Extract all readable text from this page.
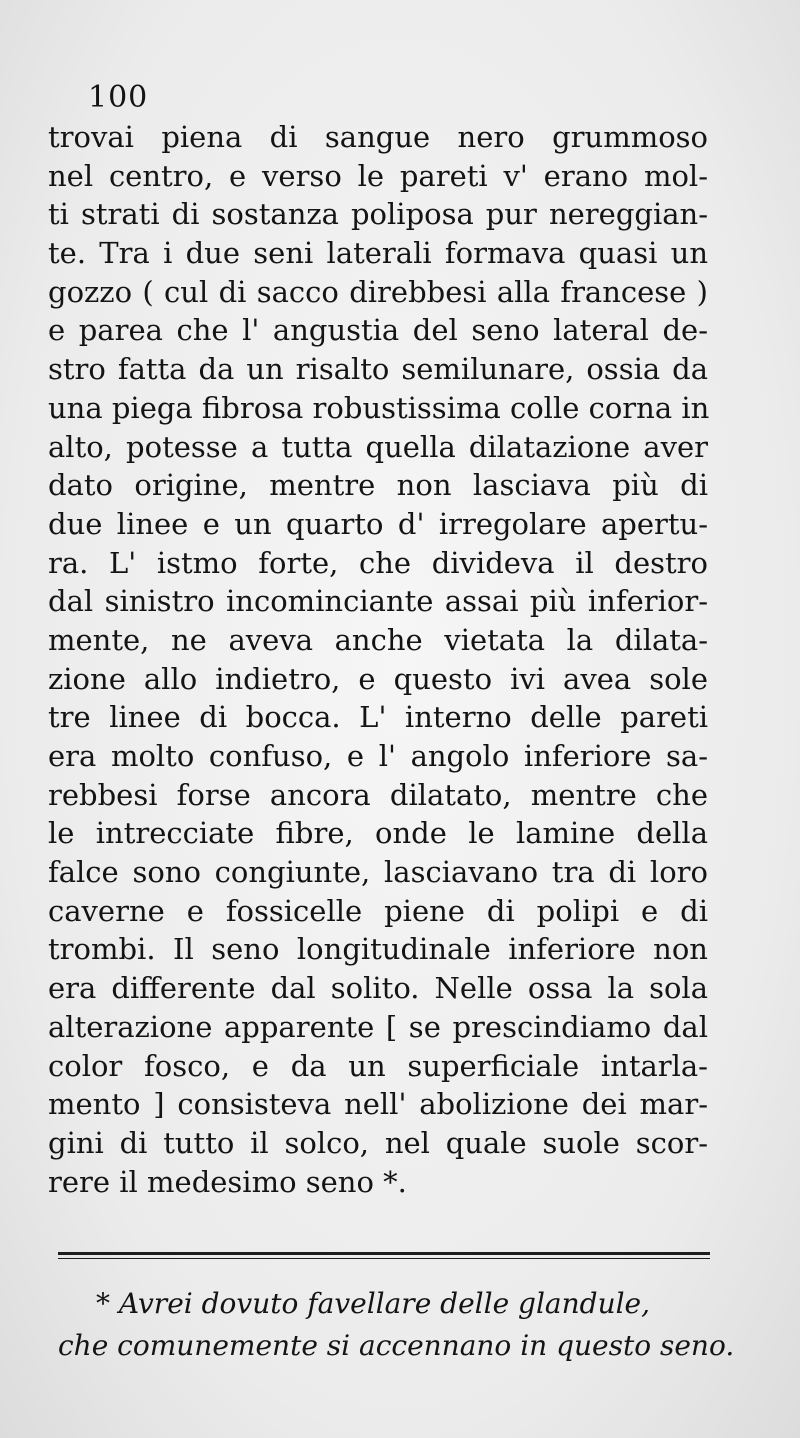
100
trovai piena di sangue nero grummoso
nel centro, e verso le pareti v' erano mol-
ti strati di sostanza poliposa pur nereggian-
te. Tra i due seni laterali formava quasi un
gozzo ( cul di sacco direbbesi alla francese )
e parea che l' angustia del seno lateral de-
stro fatta da un risalto semilunare, ossia da
una piega fibrosa robustissima colle corna in
alto, potesse a tutta quella dilatazione aver
dato origine, mentre non lasciava più di
due linee e un quarto d' irregolare apertu-
ra. L' istmo forte, che divideva il destro
dal sinistro incominciante assai più inferior-
mente, ne aveva anche vietata la dilata-
zione allo indietro, e questo ivi avea sole
tre linee di bocca. L' interno delle pareti
era molto confuso, e l' angolo inferiore sa-
rebbesi forse ancora dilatato, mentre che
le intrecciate fibre, onde le lamine della
falce sono congiunte, lasciavano tra di loro
caverne e fossicelle piene di polipi e di
trombi. Il seno longitudinale inferiore non
era differente dal solito. Nelle ossa la sola
alterazione apparente [ se prescindiamo dal
color fosco, e da un superficiale intarla-
mento ] consisteva nell' abolizione dei mar-
gini di tutto il solco, nel quale suole scor-
rere il medesimo seno *.
* Avrei dovuto favellare delle glandule,
che comunemente si accennano in questo seno.
